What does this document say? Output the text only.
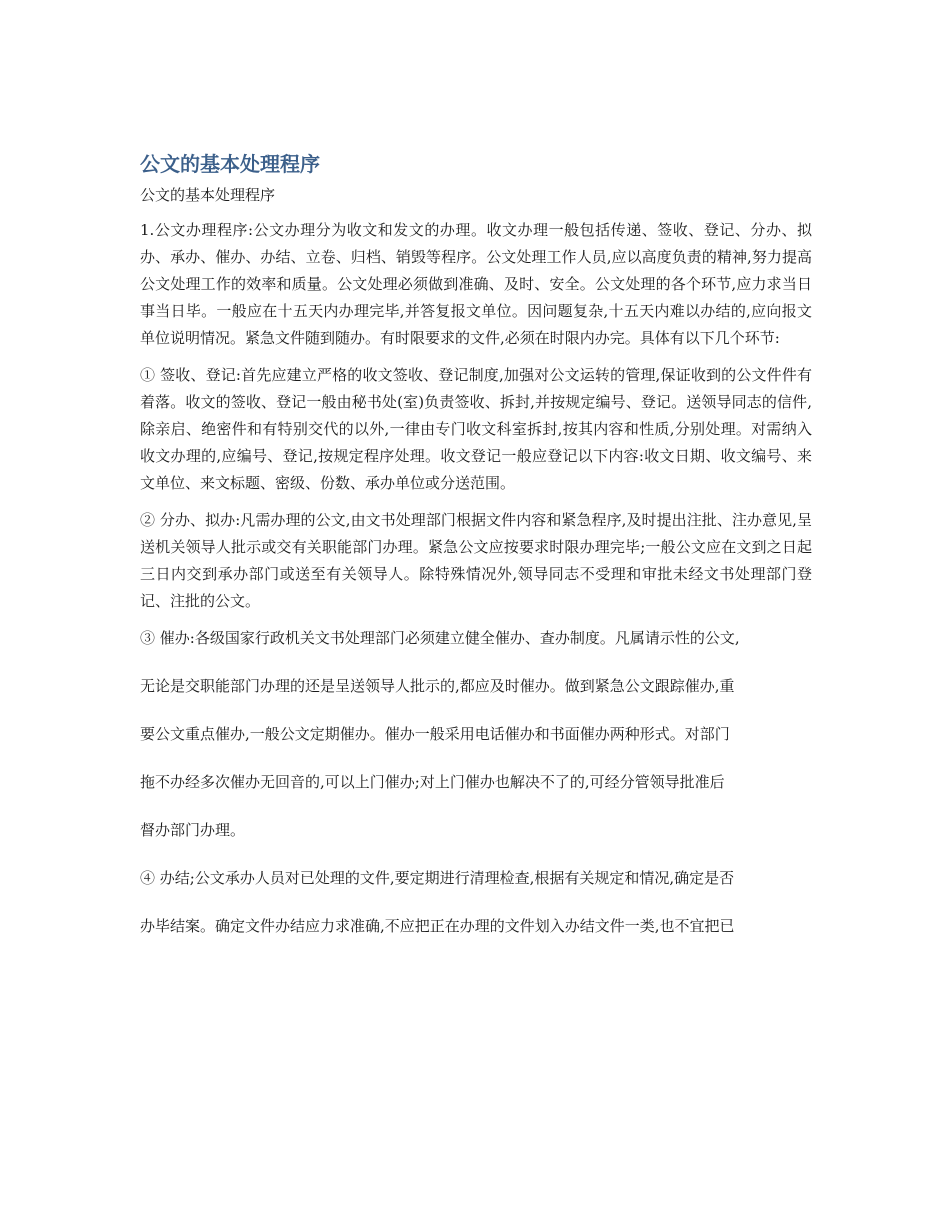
公文的基本处理程序
公文的基本处理程序

1.公文办理程序:公文办理分为收文和发文的办理。收文办理一般包括传递、签收、登记、分办、拟办、承办、催办、办结、立卷、归档、销毁等程序。公文处理工作人员,应以高度负责的精神,努力提高公文处理工作的效率和质量。公文处理必须做到准确、及时、安全。公文处理的各个环节,应力求当日事当日毕。一般应在十五天内办理完毕,并答复报文单位。因问题复杂,十五天内难以办结的,应向报文单位说明情况。紧急文件随到随办。有时限要求的文件,必须在时限内办完。具体有以下几个环节:

① 签收、登记:首先应建立严格的收文签收、登记制度,加强对公文运转的管理,保证收到的公文件件有着落。收文的签收、登记一般由秘书处(室)负责签收、拆封,并按规定编号、登记。送领导同志的信件,除亲启、绝密件和有特别交代的以外,一律由专门收文科室拆封,按其内容和性质,分别处理。对需纳入收文办理的,应编号、登记,按规定程序处理。收文登记一般应登记以下内容:收文日期、收文编号、来文单位、来文标题、密级、份数、承办单位或分送范围。

② 分办、拟办:凡需办理的公文,由文书处理部门根据文件内容和紧急程序,及时提出注批、注办意见,呈送机关领导人批示或交有关职能部门办理。紧急公文应按要求时限办理完毕;一般公文应在文到之日起三日内交到承办部门或送至有关领导人。除特殊情况外,领导同志不受理和审批未经文书处理部门登记、注批的公文。

③ 催办:各级国家行政机关文书处理部门必须建立健全催办、查办制度。凡属请示性的公文,

无论是交职能部门办理的还是呈送领导人批示的,都应及时催办。做到紧急公文跟踪催办,重

要公文重点催办,一般公文定期催办。催办一般采用电话催办和书面催办两种形式。对部门

拖不办经多次催办无回音的,可以上门催办;对上门催办也解决不了的,可经分管领导批准后

督办部门办理。

④ 办结;公文承办人员对已处理的文件,要定期进行清理检查,根据有关规定和情况,确定是否

办毕结案。确定文件办结应力求准确,不应把正在办理的文件划入办结文件一类,也不宜把已
